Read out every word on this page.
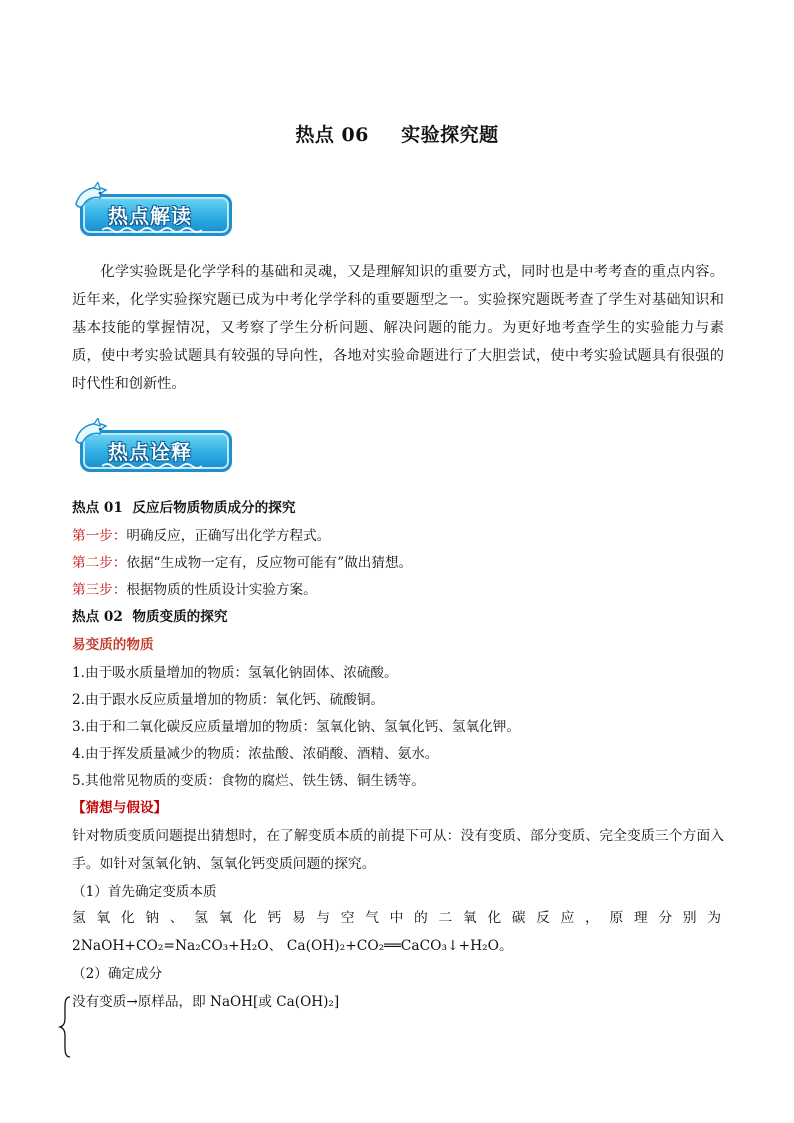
热点 06 实验探究题
热点解读
化学实验既是化学学科的基础和灵魂，又是理解知识的重要方式，同时也是中考考查的重点内容。近年来，化学实验探究题已成为中考化学学科的重要题型之一。实验探究题既考查了学生对基础知识和基本技能的掌握情况，又考察了学生分析问题、解决问题的能力。为更好地考查学生的实验能力与素质，使中考实验试题具有较强的导向性，各地对实验命题进行了大胆尝试，使中考实验试题具有很强的时代性和创新性。
热点诠释
热点 01 反应后物质物质成分的探究
第一步：明确反应，正确写出化学方程式。
第二步：依据“生成物一定有，反应物可能有”做出猜想。
第三步：根据物质的性质设计实验方案。
热点 02 物质变质的探究
易变质的物质
1.由于吸水质量增加的物质：氢氧化钠固体、浓硫酸。
2.由于跟水反应质量增加的物质：氧化钙、硫酸铜。
3.由于和二氧化碳反应质量增加的物质：氢氧化钠、氢氧化钙、氢氧化钾。
4.由于挥发质量减少的物质：浓盐酸、浓硝酸、酒精、氨水。
5.其他常见物质的变质：食物的腐烂、铁生锈、铜生锈等。
【猜想与假设】
针对物质变质问题提出猜想时，在了解变质本质的前提下可从：没有变质、部分变质、完全变质三个方面入手。如针对氢氧化钠、氢氧化钙变质问题的探究。
（1）首先确定变质本质
氢氧化钠、氢氧化钙易与空气中的二氧化碳反应，原理分别为 2NaOH+CO₂=Na₂CO₃+H₂O、 Ca(OH)₂+CO₂══CaCO₃↓+H₂O。
（2）确定成分
没有变质→原样品，即 NaOH[或 Ca(OH)₂]
